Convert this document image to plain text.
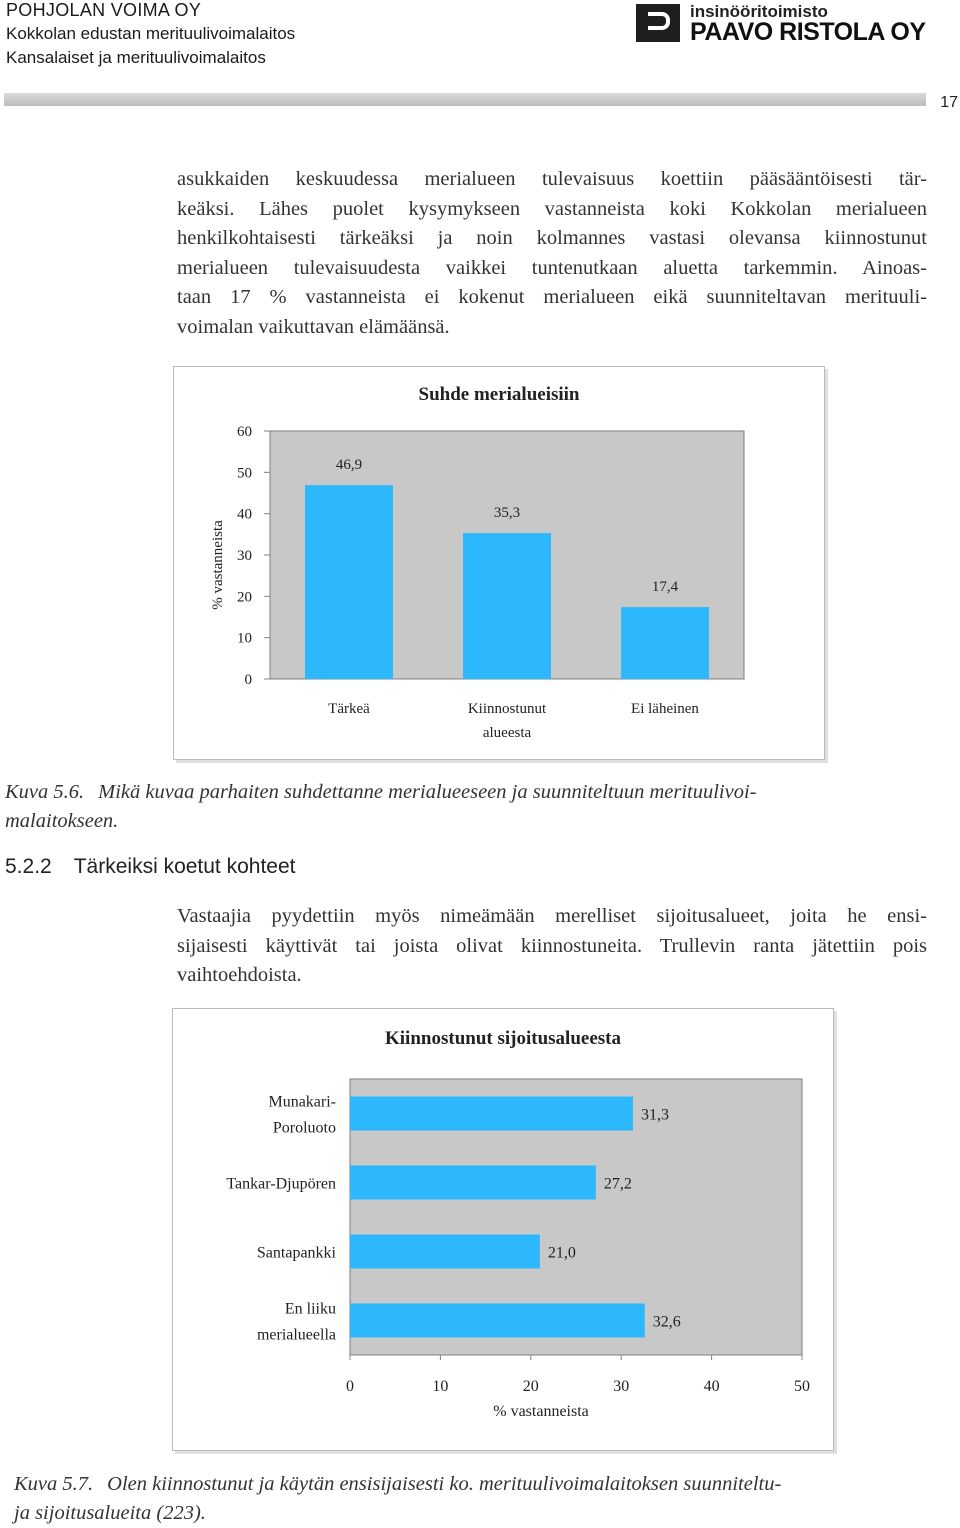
POHJOLAN VOIMA OY
Kokkolan edustan merituulivoimalaitos
Kansalaiset ja merituulivoimalaitos
insinööritoimisto
PAAVO RISTOLA OY
17
asukkaiden keskuudessa merialueen tulevaisuus koettiin pääsääntöisesti tär-
keäksi. Lähes puolet kysymykseen vastanneista koki Kokkolan merialueen
henkilkohtaisesti tärkeäksi ja noin kolmannes vastasi olevansa kiinnostunut
merialueen tulevaisuudesta vaikkei tuntenutkaan aluetta tarkemmin. Ainoas-
taan 17 % vastanneista ei kokenut merialueen eikä suunniteltavan merituuli-
voimalan vaikuttavan elämäänsä.
Suhde merialueisiin
0
10
20
30
40
50
60
% vastanneista
46,9
Tärkeä
35,3
Kiinnostunut
alueesta
17,4
Ei läheinen
Kuva 5.6. Mikä kuvaa parhaiten suhdettanne merialueeseen ja suunniteltuun merituulivoi-
malaitokseen.
5.2.2 Tärkeiksi koetut kohteet
Vastaajia pyydettiin myös nimeämään merelliset sijoitusalueet, joita he ensi-
sijaisesti käyttivät tai joista olivat kiinnostuneita. Trullevin ranta jätettiin pois
vaihtoehdoista.
Kiinnostunut sijoitusalueesta
0	10	20	30	40	50
% vastanneista
31,3
Munakari-
Poroluoto
27,2
Tankar-Djupören
21,0
Santapankki
32,6
En liiku
merialueella
Kuva 5.7. Olen kiinnostunut ja käytän ensisijaisesti ko. merituulivoimalaitoksen suunniteltu-
ja sijoitusalueita (223).
